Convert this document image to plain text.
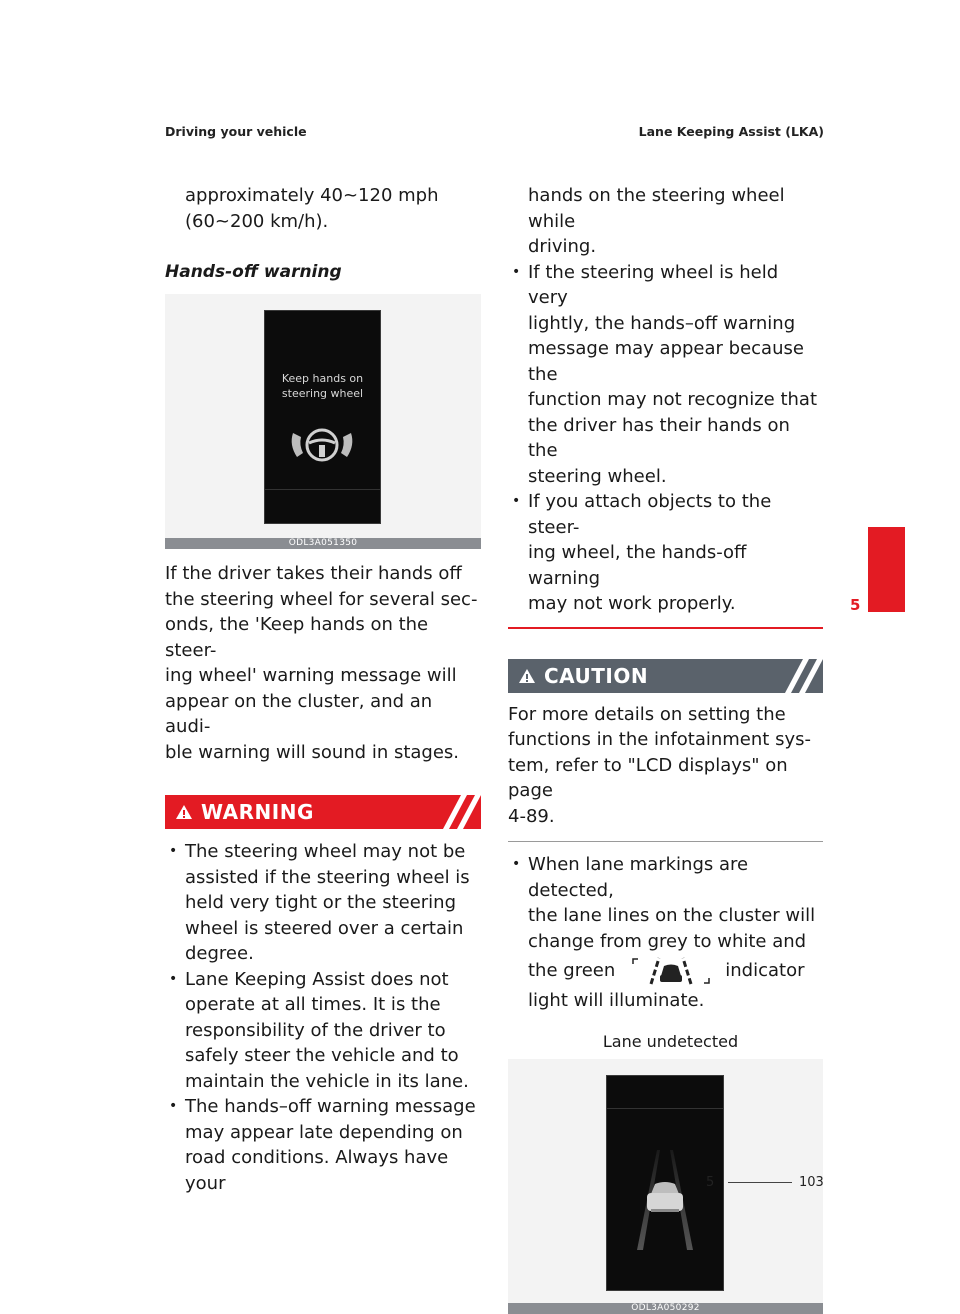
Driving your vehicle	Lane Keeping Assist (LKA)

approximately 40~120 mph

(60~200 km/h).

Hands-off warning
Keep hands on
steering wheel
ODL3A051350
If the driver takes their hands off
the steering wheel for several sec-
onds, the 'Keep hands on the steer-
ing wheel' warning message will
appear on the cluster, and an audi-
ble warning will sound in stages.
WARNING
• The steering wheel may not be
assisted if the steering wheel is
held very tight or the steering
wheel is steered over a certain
degree.
• Lane Keeping Assist does not
operate at all times. It is the
responsibility of the driver to
safely steer the vehicle and to
maintain the vehicle in its lane.
• The hands–off warning message
may appear late depending on
road conditions. Always have your

hands on the steering wheel while

driving.

• If the steering wheel is held very
lightly, the hands–off warning
message may appear because the
function may not recognize that
the driver has their hands on the
steering wheel.
• If you attach objects to the steer-
ing wheel, the hands-off warning
may not work properly.
CAUTION
For more details on setting the
functions in the infotainment sys-
tem, refer to "LCD displays" on page
4-89.
• When lane markings are detected,
the lane lines on the cluster will
change from grey to white and
the green	indicator
light will illuminate.
Lane undetected
ODL3A050292
5
5	103
